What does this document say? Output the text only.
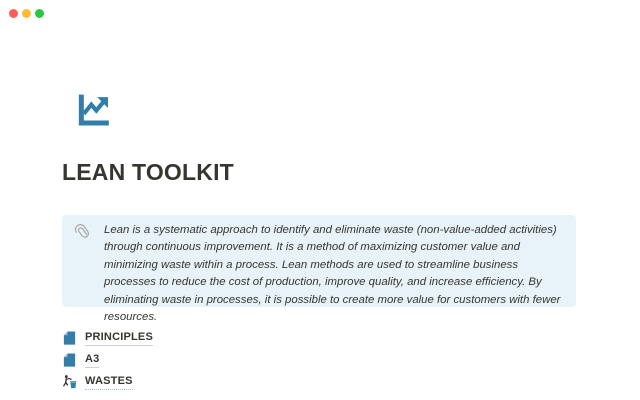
LEAN TOOLKIT

Lean is a systematic approach to identify and eliminate waste (non-value-added activities) through continuous improvement. It is a method of maximizing customer value and minimizing waste within a process. Lean methods are used to streamline business processes to reduce the cost of production, improve quality, and increase efficiency. By eliminating waste in processes, it is possible to create more value for customers with fewer resources.

PRINCIPLES
A3
WASTES
